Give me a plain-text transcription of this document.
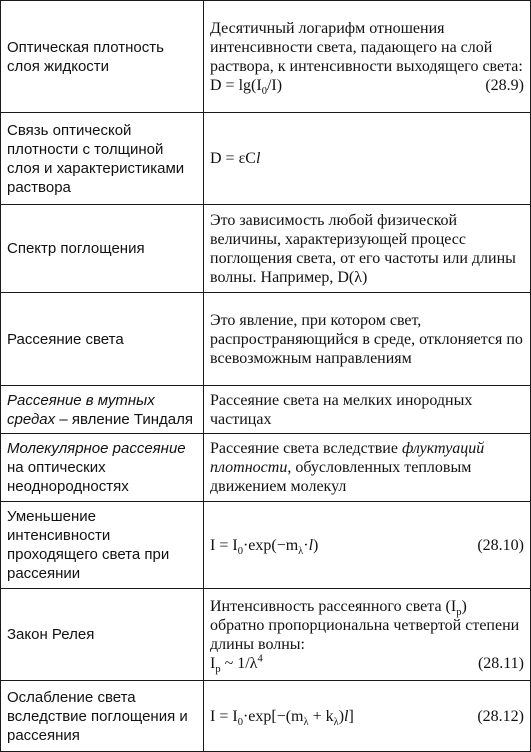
Оптическая плотность слоя жидкости	Десятичный логарифм отношения интенсивности света, падающего на слой раствора, к интенсивности выходящего света:
$D = \lg(I_0/I)$ (28.9)

Связь оптической плотности с толщиной слоя и характеристиками раствора	D = εCl
Спектр поглощения	Это зависимость любой физической величины, характеризующей процесс поглощения света, от его частоты или длины волны. Например, D(λ)
Рассеяние света	Это явление, при котором свет, распространяющийся в среде, отклоняется по всевозможным направлениям
Рассеяние в мутных средах – явление Тиндаля	Рассеяние света на мелких инородных частицах
Молекулярное рассеяние на оптических неоднородностях	Рассеяние света вследствие флуктуаций плотности, обусловленных тепловым движением молекул
Уменьшение интенсивности проходящего света при рассеянии	$I = I_0\cdot\exp(-m_\lambda\cdot l)$ (28.10)

Закон Релея	Интенсивность рассеянного света $(I_р)$ обратно пропорциональна четвертой степени длины волны:
$I_р$ ~ $1/\lambda^4$ (28.11)

Ослабление света вследствие поглощения и рассеяния	$I = I_0\cdot\exp[-(m_\lambda + k_\lambda)l]$ (28.12)
